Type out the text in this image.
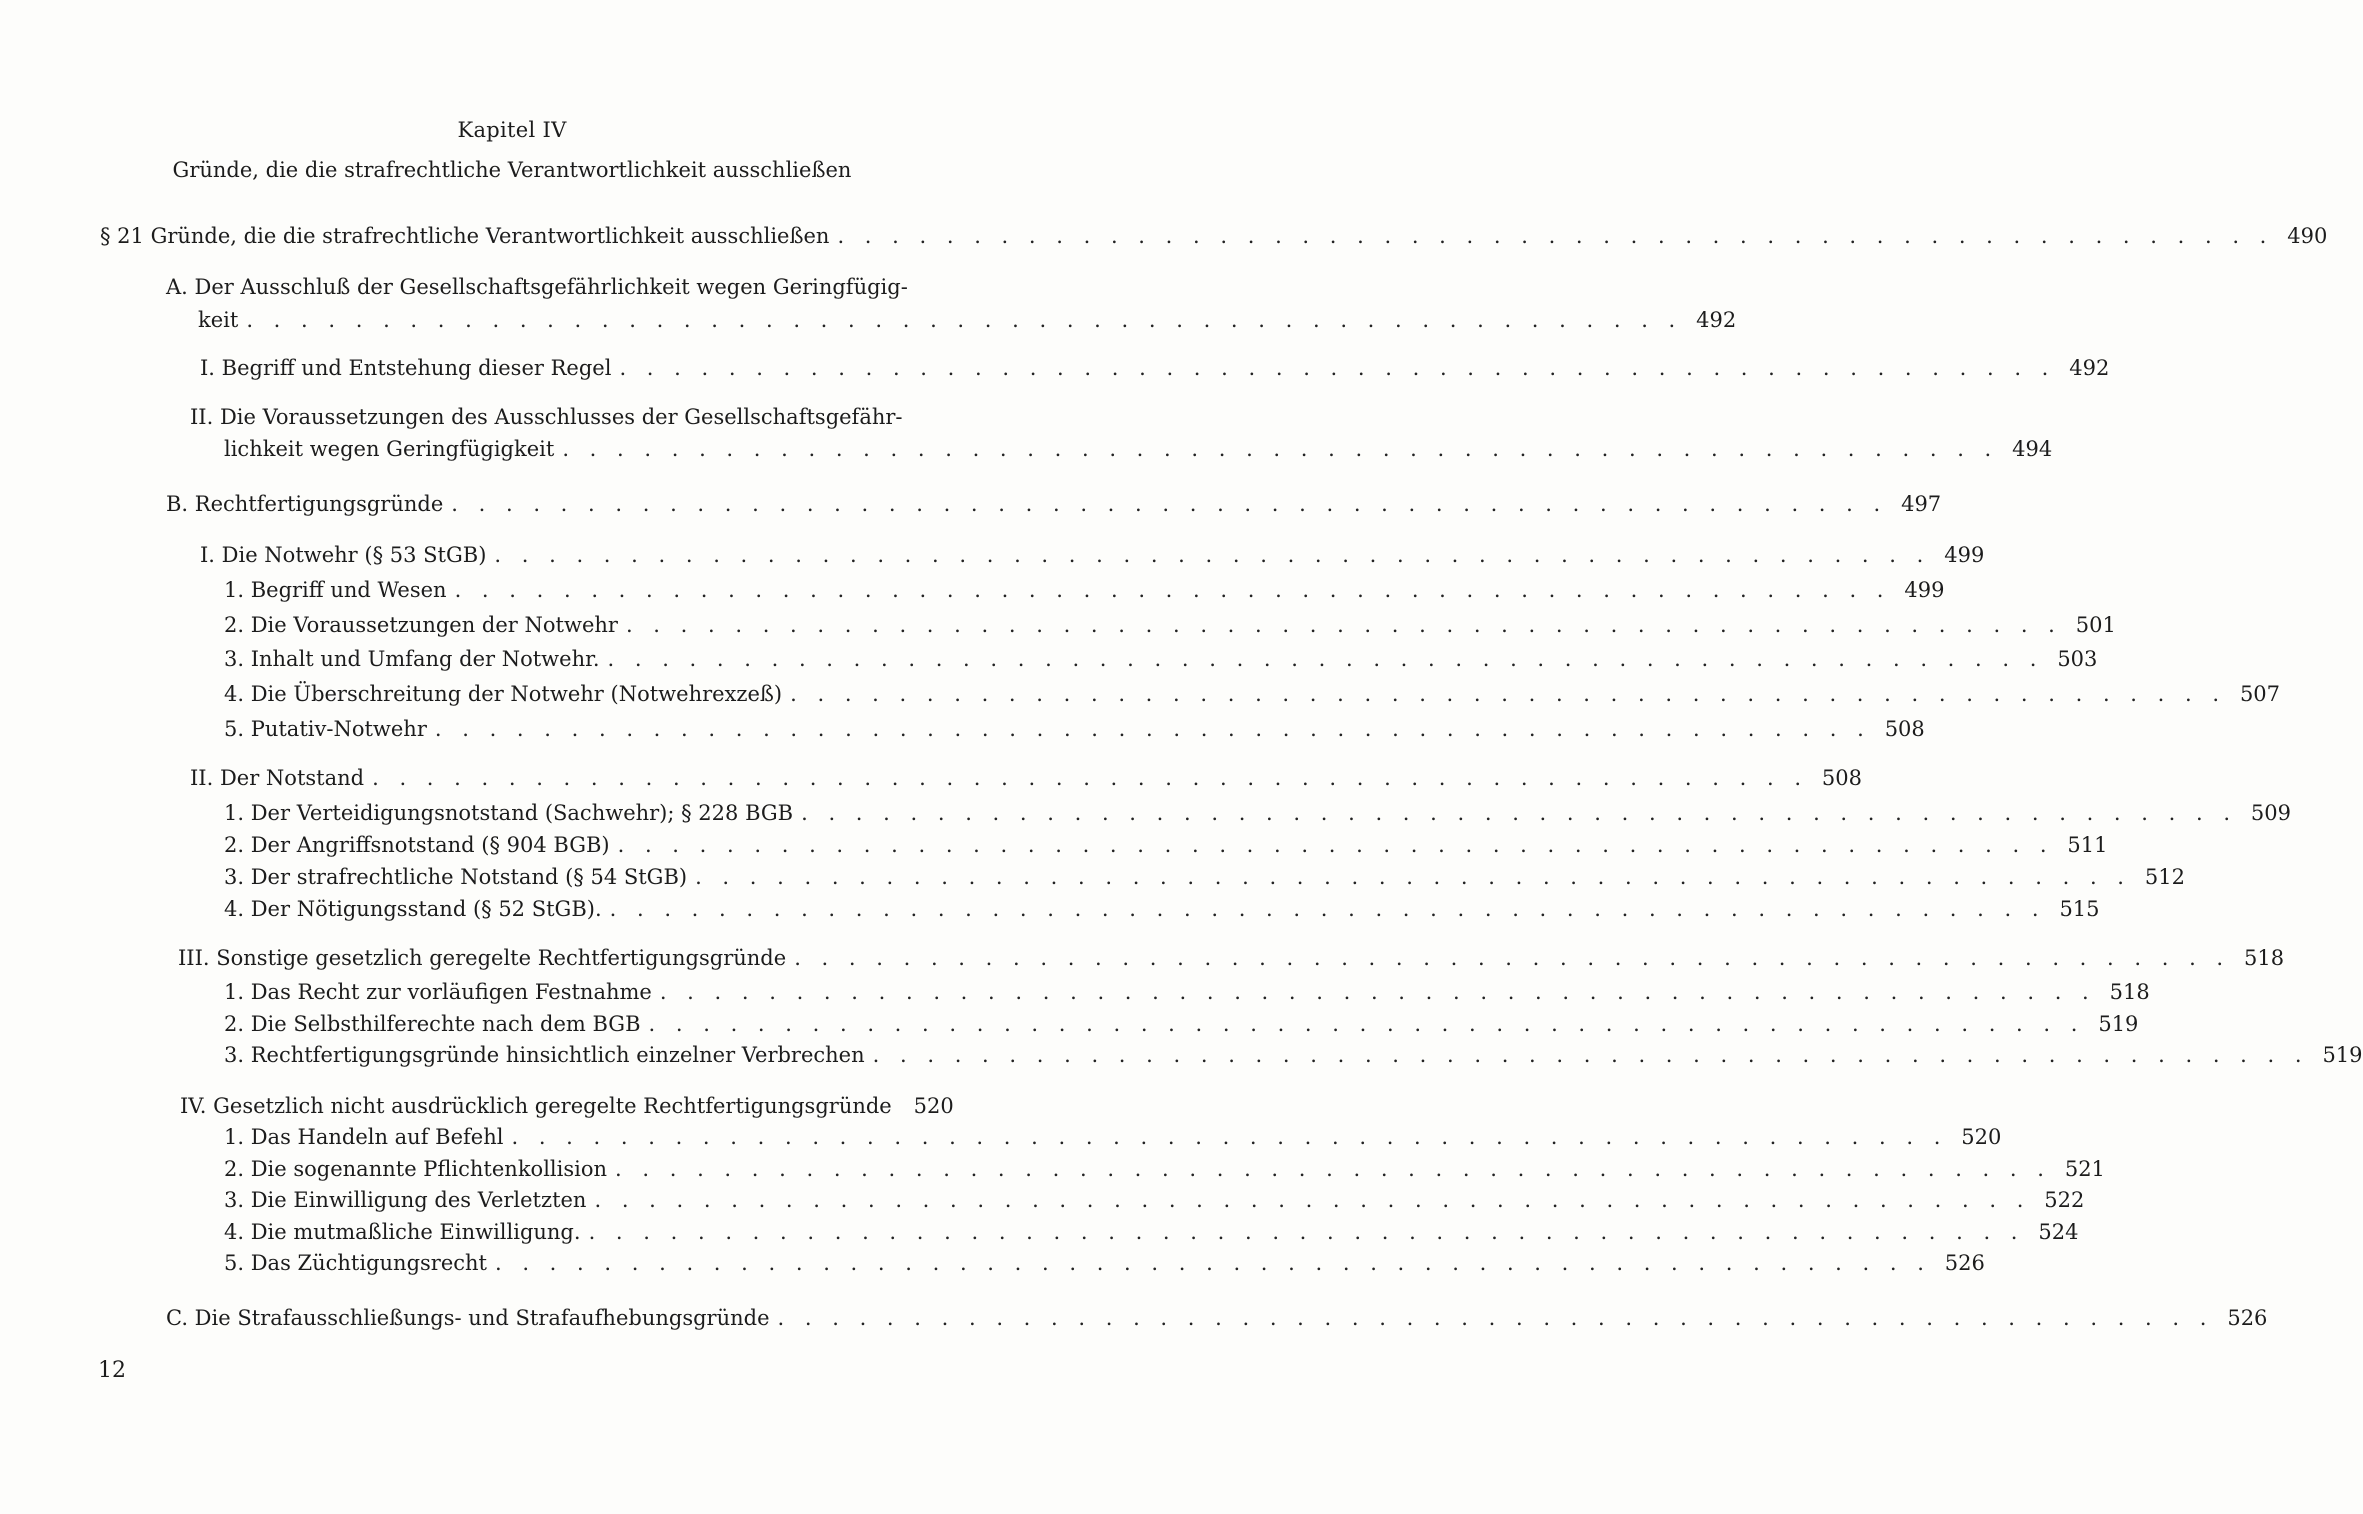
Kapitel IV
Gründe, die die strafrechtliche Verantwortlichkeit ausschließen
§ 21 Gründe, die die strafrechtliche Verantwortlichkeit ausschließen . . . . . . . . . . . . . . . . . . . . . . . . . . . . . . . . . . . . . . . . . . . . . . . . . . . . . 490
A. Der Ausschluß der Gesellschaftsgefährlichkeit wegen Geringfügig-
keit . . . . . . . . . . . . . . . . . . . . . . . . . . . . . . . . . . . . . . . . . . . . . . . . . . . . . 492
I. Begriff und Entstehung dieser Regel . . . . . . . . . . . . . . . . . . . . . . . . . . . . . . . . . . . . . . . . . . . . . . . . . . . . . 492
II. Die Voraussetzungen des Ausschlusses der Gesellschaftsgefähr-
lichkeit wegen Geringfügigkeit . . . . . . . . . . . . . . . . . . . . . . . . . . . . . . . . . . . . . . . . . . . . . . . . . . . . . 494
B. Rechtfertigungsgründe . . . . . . . . . . . . . . . . . . . . . . . . . . . . . . . . . . . . . . . . . . . . . . . . . . . . . 497
I. Die Notwehr (§ 53 StGB) . . . . . . . . . . . . . . . . . . . . . . . . . . . . . . . . . . . . . . . . . . . . . . . . . . . . . 499
1. Begriff und Wesen . . . . . . . . . . . . . . . . . . . . . . . . . . . . . . . . . . . . . . . . . . . . . . . . . . . . . 499
2. Die Voraussetzungen der Notwehr . . . . . . . . . . . . . . . . . . . . . . . . . . . . . . . . . . . . . . . . . . . . . . . . . . . . . 501
3. Inhalt und Umfang der Notwehr. . . . . . . . . . . . . . . . . . . . . . . . . . . . . . . . . . . . . . . . . . . . . . . . . . . . . . 503
4. Die Überschreitung der Notwehr (Notwehrexzeß) . . . . . . . . . . . . . . . . . . . . . . . . . . . . . . . . . . . . . . . . . . . . . . . . . . . . . 507
5. Putativ-Notwehr . . . . . . . . . . . . . . . . . . . . . . . . . . . . . . . . . . . . . . . . . . . . . . . . . . . . . 508
II. Der Notstand . . . . . . . . . . . . . . . . . . . . . . . . . . . . . . . . . . . . . . . . . . . . . . . . . . . . . 508
1. Der Verteidigungsnotstand (Sachwehr); § 228 BGB . . . . . . . . . . . . . . . . . . . . . . . . . . . . . . . . . . . . . . . . . . . . . . . . . . . . . 509
2. Der Angriffsnotstand (§ 904 BGB) . . . . . . . . . . . . . . . . . . . . . . . . . . . . . . . . . . . . . . . . . . . . . . . . . . . . . 511
3. Der strafrechtliche Notstand (§ 54 StGB) . . . . . . . . . . . . . . . . . . . . . . . . . . . . . . . . . . . . . . . . . . . . . . . . . . . . . 512
4. Der Nötigungsstand (§ 52 StGB). . . . . . . . . . . . . . . . . . . . . . . . . . . . . . . . . . . . . . . . . . . . . . . . . . . . . . 515
III. Sonstige gesetzlich geregelte Rechtfertigungsgründe . . . . . . . . . . . . . . . . . . . . . . . . . . . . . . . . . . . . . . . . . . . . . . . . . . . . . 518
1. Das Recht zur vorläufigen Festnahme . . . . . . . . . . . . . . . . . . . . . . . . . . . . . . . . . . . . . . . . . . . . . . . . . . . . . 518
2. Die Selbsthilferechte nach dem BGB . . . . . . . . . . . . . . . . . . . . . . . . . . . . . . . . . . . . . . . . . . . . . . . . . . . . . 519
3. Rechtfertigungsgründe hinsichtlich einzelner Verbrechen . . . . . . . . . . . . . . . . . . . . . . . . . . . . . . . . . . . . . . . . . . . . . . . . . . . . . 519
IV. Gesetzlich nicht ausdrücklich geregelte Rechtfertigungsgründe	520
1. Das Handeln auf Befehl . . . . . . . . . . . . . . . . . . . . . . . . . . . . . . . . . . . . . . . . . . . . . . . . . . . . . 520
2. Die sogenannte Pflichtenkollision . . . . . . . . . . . . . . . . . . . . . . . . . . . . . . . . . . . . . . . . . . . . . . . . . . . . . 521
3. Die Einwilligung des Verletzten . . . . . . . . . . . . . . . . . . . . . . . . . . . . . . . . . . . . . . . . . . . . . . . . . . . . . 522
4. Die mutmaßliche Einwilligung. . . . . . . . . . . . . . . . . . . . . . . . . . . . . . . . . . . . . . . . . . . . . . . . . . . . . . 524
5. Das Züchtigungsrecht . . . . . . . . . . . . . . . . . . . . . . . . . . . . . . . . . . . . . . . . . . . . . . . . . . . . . 526
C. Die Strafausschließungs- und Strafaufhebungsgründe . . . . . . . . . . . . . . . . . . . . . . . . . . . . . . . . . . . . . . . . . . . . . . . . . . . . . 526
12
